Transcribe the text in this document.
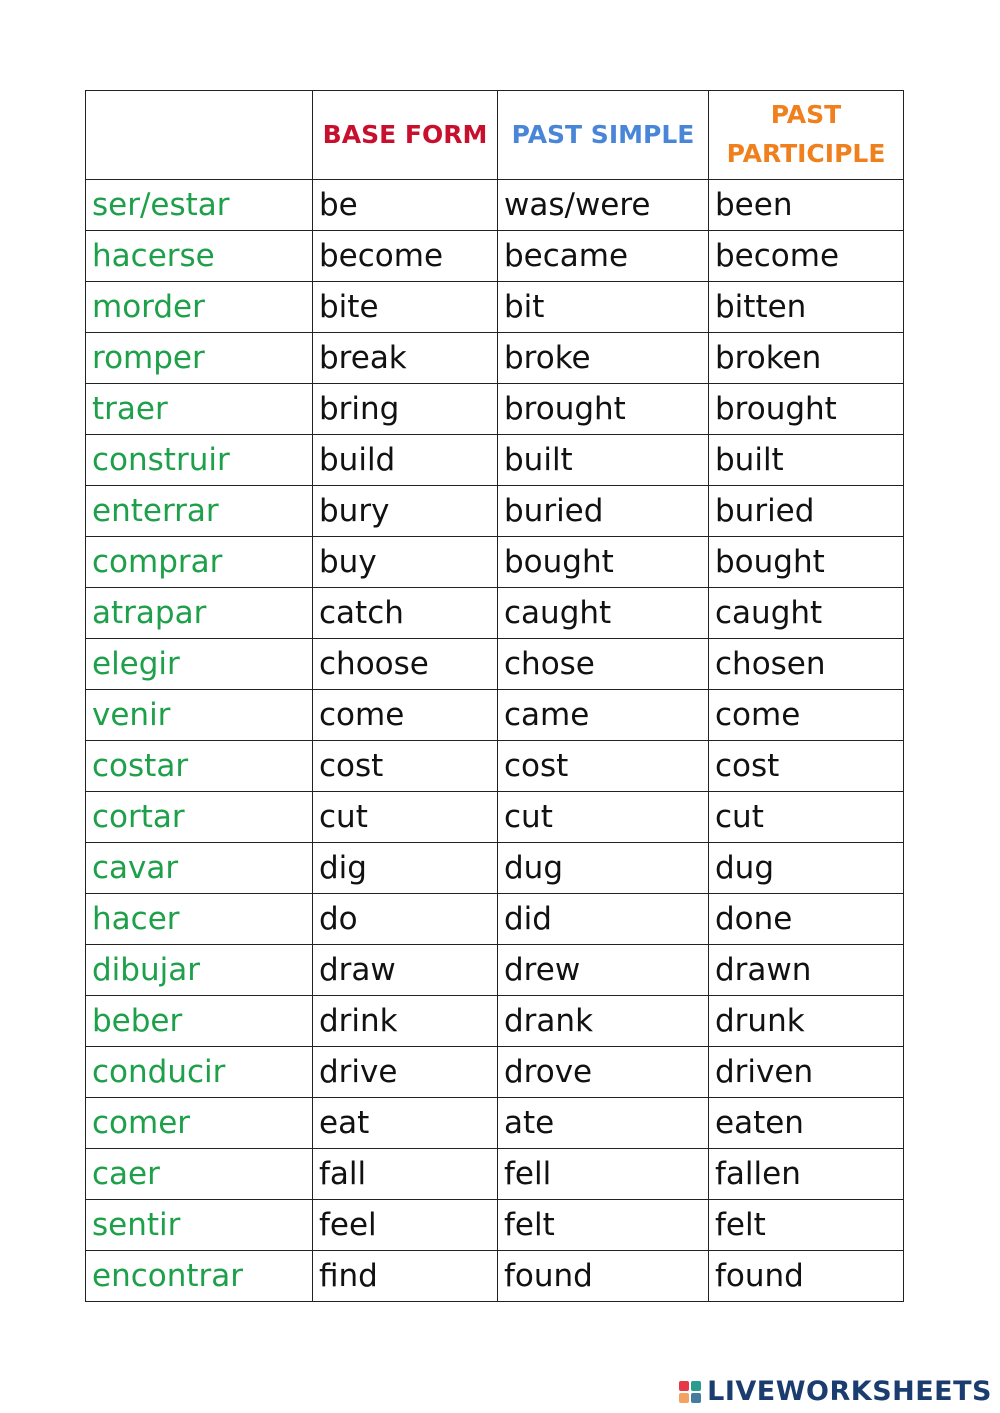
	BASE FORM	PAST SIMPLE	PAST PARTICIPLE
ser/estar	be	was/were	been
hacerse	become	became	become
morder	bite	bit	bitten
romper	break	broke	broken
traer	bring	brought	brought
construir	build	built	built
enterrar	bury	buried	buried
comprar	buy	bought	bought
atrapar	catch	caught	caught
elegir	choose	chose	chosen
venir	come	came	come
costar	cost	cost	cost
cortar	cut	cut	cut
cavar	dig	dug	dug
hacer	do	did	done
dibujar	draw	drew	drawn
beber	drink	drank	drunk
conducir	drive	drove	driven
comer	eat	ate	eaten
caer	fall	fell	fallen
sentir	feel	felt	felt
encontrar	find	found	found
LIVEWORKSHEETS
